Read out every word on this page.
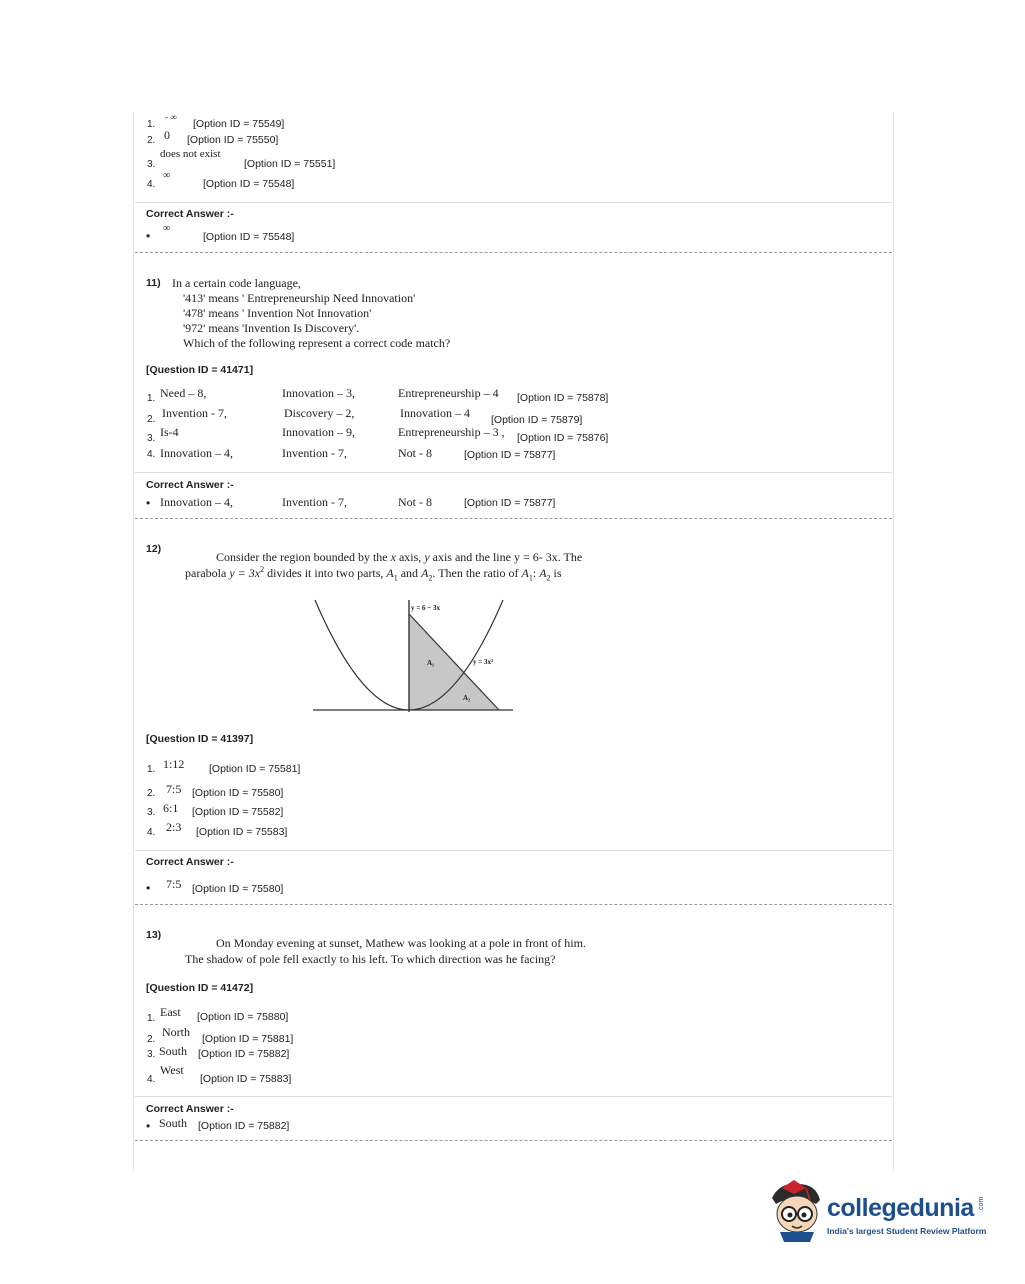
1.
- ∞
[Option ID = 75549]
2. 0 [Option ID = 75550]
does not exist
3.	[Option ID = 75551]
∞
4.	[Option ID = 75548]
Correct Answer :-
•
∞
[Option ID = 75548]
11) In a certain code language,
'413' means ' Entrepreneurship Need Innovation'
'478' means ' Invention Not Innovation'
'972' means 'Invention Is Discovery'.
Which of the following represent a correct code match?
[Question ID = 41471]
1. Need – 8,	Innovation – 3,	Entrepreneurship – 4 [Option ID = 75878]
2. Invention - 7,	Discovery – 2,	Innovation – 4 [Option ID = 75879]
3. Is-4	Innovation – 9,	Entrepreneurship – 3 , [Option ID = 75876]
4. Innovation – 4,	Invention - 7,	Not - 8	[Option ID = 75877]
Correct Answer :-
• Innovation – 4,	Invention - 7,	Not - 8	[Option ID = 75877]
12)
Consider the region bounded by the x axis, y axis and the line y = 6- 3x. The
parabola $y = 3x^2$ divides it into two parts, $A_1$ and $A_2$. Then the ratio of $A_1$: $A_2$ is
y = 6 − 3x
y = 3x²
A₁
A₂
[Question ID = 41397]
1. 1:12 [Option ID = 75581]
2. 7:5 [Option ID = 75580]
3. 6:1 [Option ID = 75582]
4. 2:3 [Option ID = 75583]
Correct Answer :-
• 7:5 [Option ID = 75580]
13)
On Monday evening at sunset, Mathew was looking at a pole in front of him.
The shadow of pole fell exactly to his left. To which direction was he facing?
[Question ID = 41472]
1. East [Option ID = 75880]
2.
North [Option ID = 75881]
3. South [Option ID = 75882]
4.
West
[Option ID = 75883]
Correct Answer :-
• South [Option ID = 75882]
collegedunia .com
India's largest Student Review Platform
